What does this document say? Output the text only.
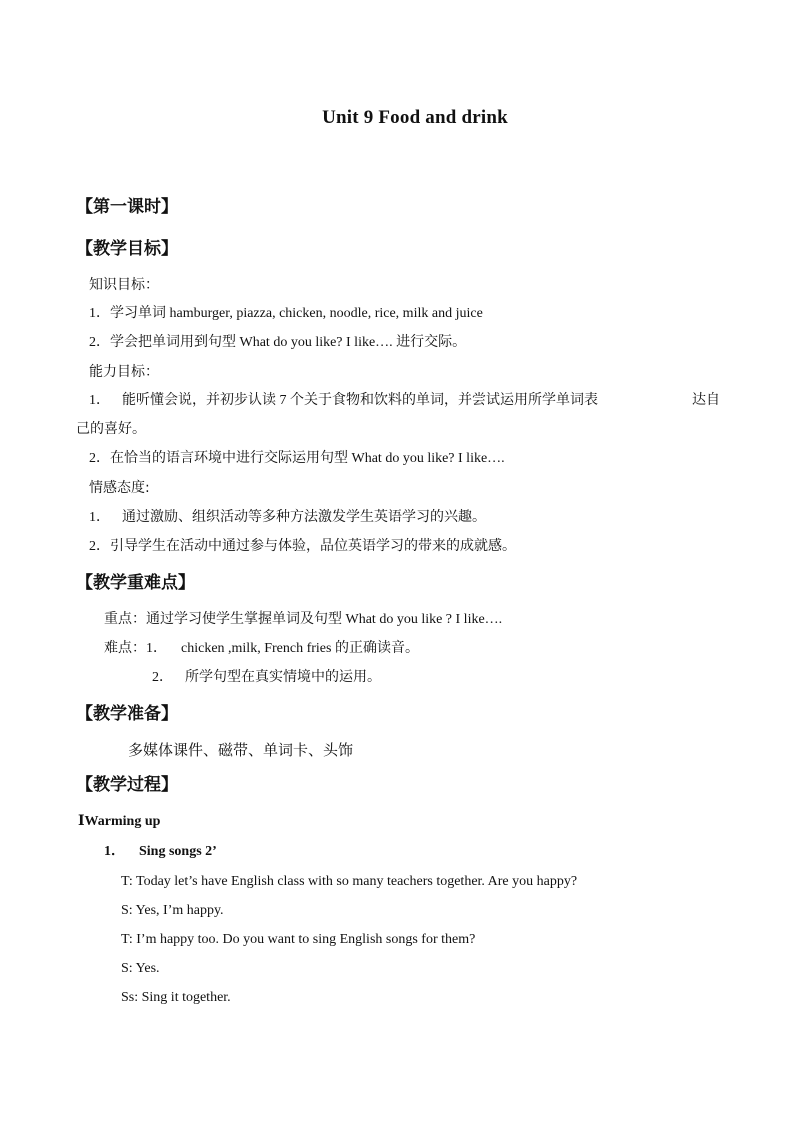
Unit 9 Food and drink
【第一课时】
【教学目标】
知识目标：
1．学习单词 hamburger, piazza, chicken, noodle, rice, milk and juice
2．学会把单词用到句型 What do you like? I like…. 进行交际。
能力目标：
1． 能听懂会说，并初步认读 7 个关于食物和饮料的单词，并尝试运用所学单词表	达自
己的喜好。
2．在恰当的语言环境中进行交际运用句型 What do you like? I like….
情感态度:
1． 通过激励、组织活动等多种方法激发学生英语学习的兴趣。
2．引导学生在活动中通过参与体验，品位英语学习的带来的成就感。
【教学重难点】
重点：通过学习使学生掌握单词及句型 What do you like ? I like….
难点：1． chicken ,milk, French fries 的正确读音。
2． 所学句型在真实情境中的运用。
【教学准备】
多媒体课件、磁带、单词卡、头饰
【教学过程】
ⅠWarming up
1． Sing songs 2’
T: Today let’s have English class with so many teachers together. Are you happy?
S: Yes, I’m happy.
T: I’m happy too. Do you want to sing English songs for them?
S: Yes.
Ss: Sing it together.
